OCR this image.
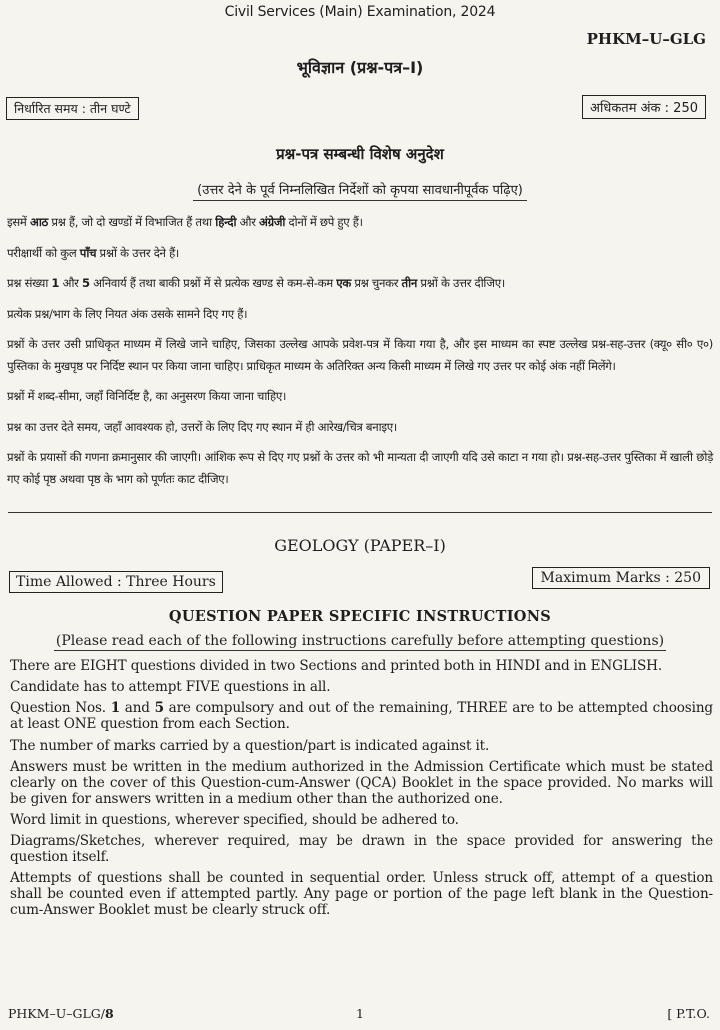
Civil Services (Main) Examination, 2024
PHKM–U–GLG
भूविज्ञान (प्रश्न-पत्र–I)
निर्धारित समय : तीन घण्टे	अधिकतम अंक : 250
प्रश्न-पत्र सम्बन्धी विशेष अनुदेश
(उत्तर देने के पूर्व निम्नलिखित निर्देशों को कृपया सावधानीपूर्वक पढ़िए)

इसमें आठ प्रश्न हैं, जो दो खण्डों में विभाजित हैं तथा हिन्दी और अंग्रेजी दोनों में छपे हुए हैं।

परीक्षार्थी को कुल पाँच प्रश्नों के उत्तर देने हैं।

प्रश्न संख्या 1 और 5 अनिवार्य हैं तथा बाकी प्रश्नों में से प्रत्येक खण्ड से कम-से-कम एक प्रश्न चुनकर तीन प्रश्नों के उत्तर दीजिए।

प्रत्येक प्रश्न/भाग के लिए नियत अंक उसके सामने दिए गए हैं।

प्रश्नों के उत्तर उसी प्राधिकृत माध्यम में लिखे जाने चाहिए, जिसका उल्लेख आपके प्रवेश-पत्र में किया गया है, और इस माध्यम का स्पष्ट उल्लेख प्रश्न-सह-उत्तर (क्यू० सी० ए०) पुस्तिका के मुखपृष्ठ पर निर्दिष्ट स्थान पर किया जाना चाहिए। प्राधिकृत माध्यम के अतिरिक्त अन्य किसी माध्यम में लिखे गए उत्तर पर कोई अंक नहीं मिलेंगे।

प्रश्नों में शब्द-सीमा, जहाँ विनिर्दिष्ट है, का अनुसरण किया जाना चाहिए।

प्रश्न का उत्तर देते समय, जहाँ आवश्यक हो, उत्तरों के लिए दिए गए स्थान में ही आरेख/चित्र बनाइए।

प्रश्नों के प्रयासों की गणना क्रमानुसार की जाएगी। आंशिक रूप से दिए गए प्रश्नों के उत्तर को भी मान्यता दी जाएगी यदि उसे काटा न गया हो। प्रश्न-सह-उत्तर पुस्तिका में खाली छोड़े गए कोई पृष्ठ अथवा पृष्ठ के भाग को पूर्णतः काट दीजिए।

GEOLOGY (PAPER–I)
Time Allowed : Three Hours	Maximum Marks : 250
QUESTION PAPER SPECIFIC INSTRUCTIONS
(Please read each of the following instructions carefully before attempting questions)

There are EIGHT questions divided in two Sections and printed both in HINDI and in ENGLISH.

Candidate has to attempt FIVE questions in all.

Question Nos. 1 and 5 are compulsory and out of the remaining, THREE are to be attempted choosing at least ONE question from each Section.

The number of marks carried by a question/part is indicated against it.

Answers must be written in the medium authorized in the Admission Certificate which must be stated clearly on the cover of this Question-cum-Answer (QCA) Booklet in the space provided. No marks will be given for answers written in a medium other than the authorized one.

Word limit in questions, wherever specified, should be adhered to.

Diagrams/Sketches, wherever required, may be drawn in the space provided for answering the question itself.

Attempts of questions shall be counted in sequential order. Unless struck off, attempt of a question shall be counted even if attempted partly. Any page or portion of the page left blank in the Question-cum-Answer Booklet must be clearly struck off.

PHKM–U–GLG/8	1	[ P.T.O.
